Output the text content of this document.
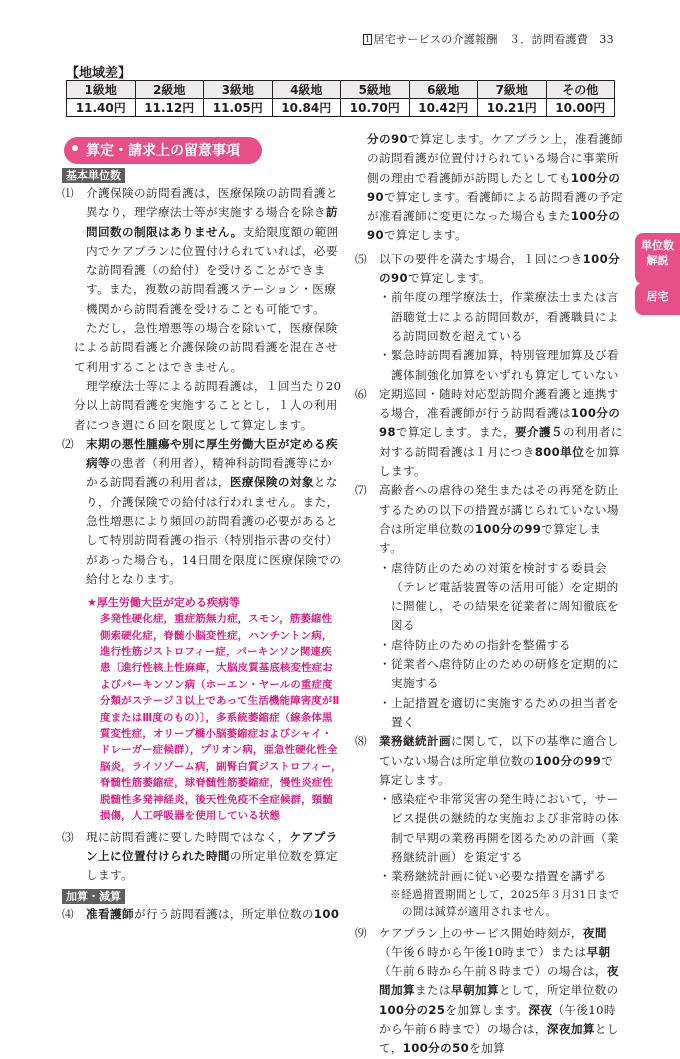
1 居宅サービスの介護報酬　３．訪問看護費　33
【地域差】
1級地	2級地	3級地	4級地	5級地	6級地	7級地	その他
11.40円	11.12円	11.05円	10.84円	10.70円	10.42円	10.21円	10.00円
単位数
解説
居宅
算定・請求上の留意事項
基本単位数

⑴　 介護保険の訪問看護は，医療保険の訪問看護と異なり，理学療法士等が実施する場合を除き訪問回数の制限はありません。支給限度額の範囲内でケアプランに位置付けられていれば，必要な訪問看護（の給付）を受けることができます。また，複数の訪問看護ステーション・医療機関から訪問看護を受けることも可能です。

ただし，急性増悪等の場合を除いて，医療保険による訪問看護と介護保険の訪問看護を混在させて利用することはできません。

理学療法士等による訪問看護は，１回当たり20分以上訪問看護を実施することとし，１人の利用者につき週に６回を限度として算定します。

⑵　 末期の悪性腫瘍や別に厚生労働大臣が定める疾病等の患者（利用者），精神科訪問看護等にかかる訪問看護の利用者は，医療保険の対象となり，介護保険での給付は行われません。また，急性増悪により頻回の訪問看護の必要があるとして特別訪問看護の指示（特別指示書の交付）があった場合も，14日間を限度に医療保険での給付となります。

★厚生労働大臣が定める疾病等

多発性硬化症，重症筋無力症，スモン，筋萎縮性側索硬化症，脊髄小脳変性症，ハンチントン病，進行性筋ジストロフィー症，パーキンソン関連疾患〔進行性核上性麻痺，大脳皮質基底核変性症およびパーキンソン病（ホーエン・ヤールの重症度分類がステージ３以上であって生活機能障害度がⅡ度またはⅢ度のもの）〕，多系統萎縮症（線条体黒質変性症，オリーブ橋小脳萎縮症およびシャイ・ドレーガー症候群），プリオン病，亜急性硬化性全脳炎，ライソゾーム病，副腎白質ジストロフィー，脊髄性筋萎縮症，球脊髄性筋萎縮症，慢性炎症性脱髄性多発神経炎，後天性免疫不全症候群，頸髄損傷，人工呼吸器を使用している状態

⑶　 現に訪問看護に要した時間ではなく，ケアプラン上に位置付けられた時間の所定単位数を算定します。

加算・減算

⑷　 准看護師が行う訪問看護は，所定単位数の100

分の90で算定します。ケアプラン上，准看護師の訪問看護が位置付けられている場合に事業所側の理由で看護師が訪問したとしても100分の90で算定します。看護師による訪問看護の予定が准看護師に変更になった場合もまた100分の90で算定します。

⑸　 以下の要件を満たす場合，１回につき100分の90で算定します。

・前年度の理学療法士，作業療法士または言語聴覚士による訪問回数が，看護職員による訪問回数を超えている

・緊急時訪問看護加算，特別管理加算及び看護体制強化加算をいずれも算定していない

⑹　 定期巡回・随時対応型訪問介護看護と連携する場合，准看護師が行う訪問看護は100分の98で算定します。また，要介護５の利用者に対する訪問看護は１月につき800単位を加算します。

⑺　 高齢者への虐待の発生またはその再発を防止するための以下の措置が講じられていない場合は所定単位数の100分の99で算定します。

・虐待防止のための対策を検討する委員会（テレビ電話装置等の活用可能）を定期的に開催し，その結果を従業者に周知徹底を図る

・虐待防止のための指針を整備する

・従業者へ虐待防止のための研修を定期的に実施する

・上記措置を適切に実施するための担当者を置く

⑻　 業務継続計画に関して，以下の基準に適合していない場合は所定単位数の100分の99で算定します。

・感染症や非常災害の発生時において，サービス提供の継続的な実施および非常時の体制で早期の業務再開を図るための計画（業務継続計画）を策定する

・業務継続計画に従い必要な措置を講ずる

※経過措置期間として，2025年３月31日までの間は減算が適用されません。

⑼　 ケアプラン上のサービス開始時刻が，夜間（午後６時から午後10時まで）または早朝（午前６時から午前８時まで）の場合は，夜間加算または早朝加算として，所定単位数の100分の25を加算します。深夜（午後10時から午前６時まで）の場合は，深夜加算として，100分の50を加算
